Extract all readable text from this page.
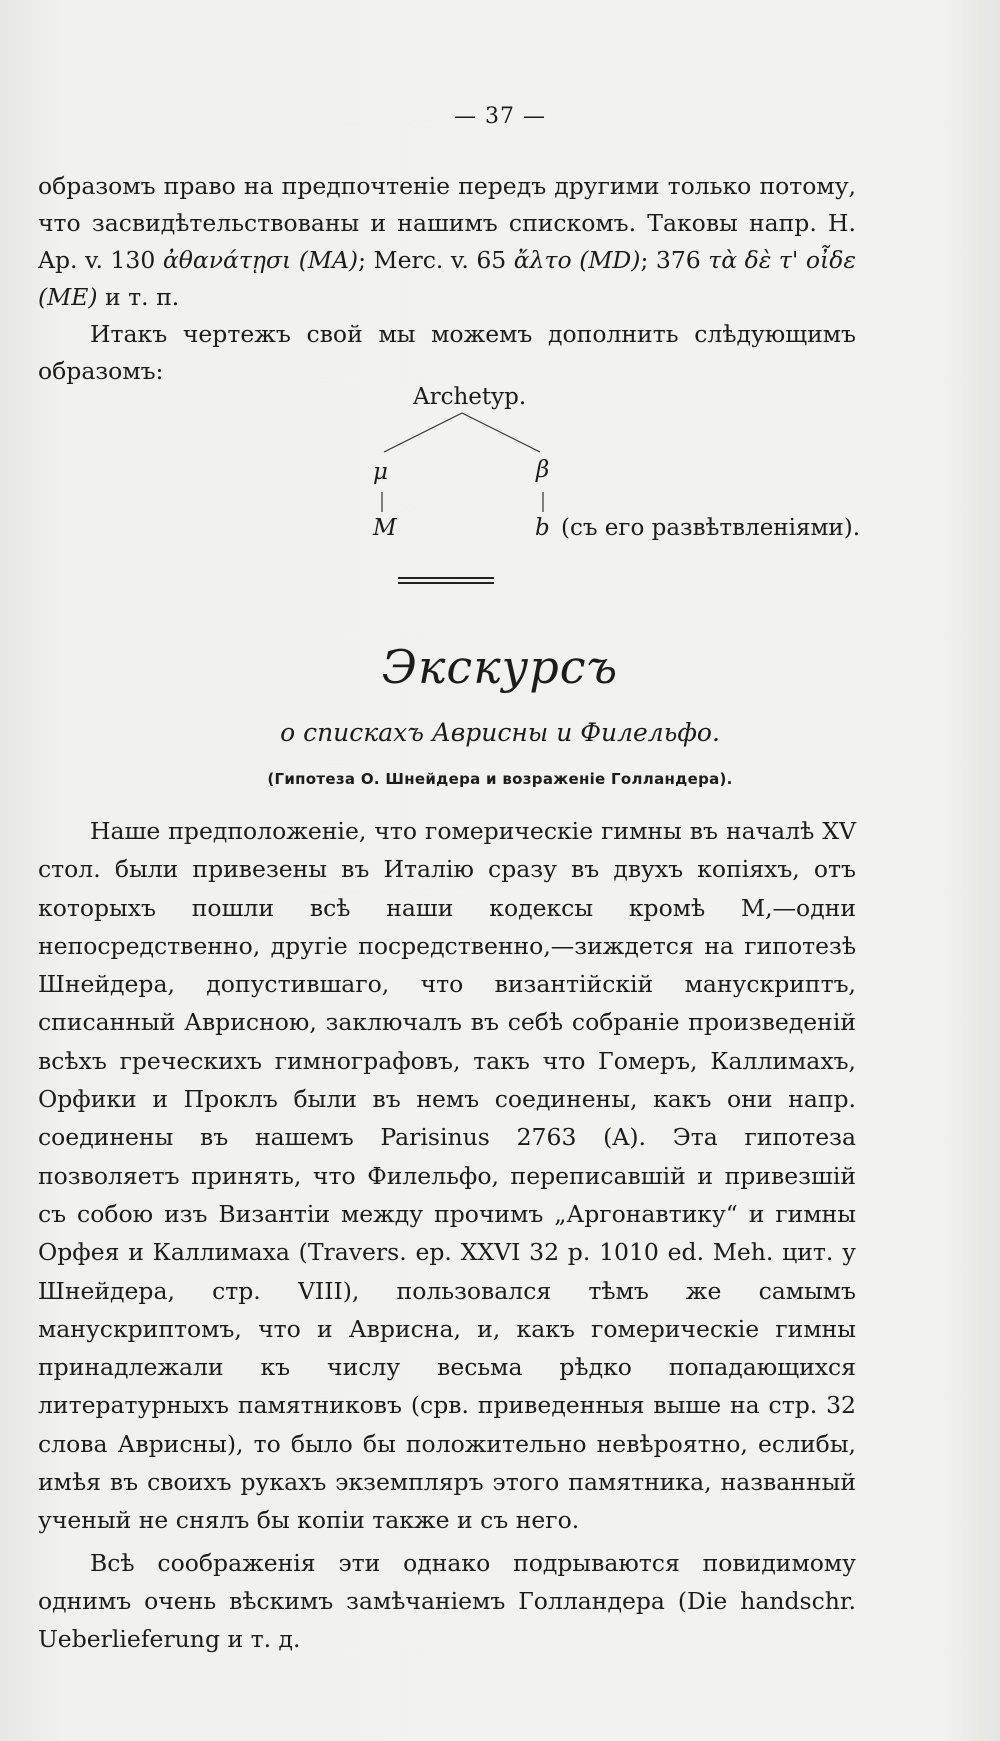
— 37 —

образомъ право на предпочтеніе передъ другими только потому, что засвидѣтельствованы и нашимъ спискомъ. Таковы напр. H. Ap. v. 130 ἀθανάτῃσι (MA); Merc. v. 65 ἄλτο (MD); 376 τὰ δὲ τ' οἶδε (ME) и т. п.

Итакъ чертежъ свой мы можемъ дополнить слѣдующимъ образомъ:

Archetyp.
μ	β
M	b (съ его развѣтвленіями).
Экскурсъ
о спискахъ Аврисны и Филельфо.
(Гипотеза О. Шнейдера и возраженіе Голландера).

Наше предположеніе, что гомерическіе гимны въ началѣ XV стол. были привезены въ Италію сразу въ двухъ копіяхъ, отъ которыхъ пошли всѣ наши кодексы кромѣ M,—одни непосредственно, другіе посредственно,—зиждется на гипотезѣ Шнейдера, допустившаго, что византійскій манускриптъ, списанный Аврисною, заключалъ въ себѣ собраніе произведеній всѣхъ греческихъ гимнографовъ, такъ что Гомеръ, Каллимахъ, Орфики и Проклъ были въ немъ соединены, какъ они напр. соединены въ нашемъ Parisinus 2763 (A). Эта гипотеза позволяетъ принять, что Филельфо, переписавшій и привезшій съ собою изъ Византіи между прочимъ „Аргонавтику“ и гимны Орфея и Каллимаха (Travers. ep. XXVI 32 p. 1010 ed. Meh. цит. у Шнейдера, стр. VIII), пользовался тѣмъ же самымъ манускриптомъ, что и Аврисна, и, какъ гомерическіе гимны принадлежали къ числу весьма рѣдко попадающихся литературныхъ памятниковъ (срв. приведенныя выше на стр. 32 слова Аврисны), то было бы положительно невѣроятно, еслибы, имѣя въ своихъ рукахъ экземпляръ этого памятника, названный ученый не снялъ бы копіи также и съ него.

Всѣ соображенія эти однако подрываются повидимому однимъ очень вѣскимъ замѣчаніемъ Голландера (Die handschr. Ueberlieferung и т. д.
